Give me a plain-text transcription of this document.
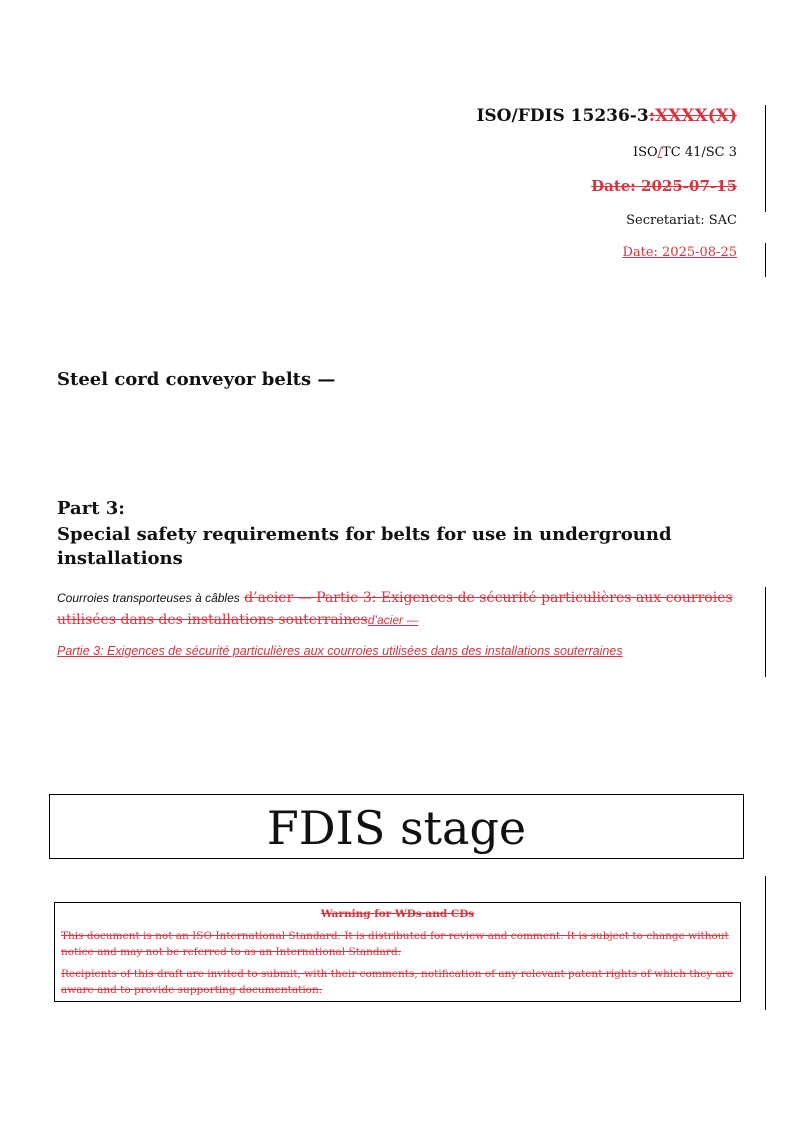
ISO/FDIS 15236-3:XXXX(X)
ISO/TC 41/SC 3
Date: 2025-07-15
Secretariat: SAC
Date: 2025-08-25
Steel cord conveyor belts —
Part 3:
Special safety requirements for belts for use in underground installations
Courroies transporteuses à câbles d’acier — Partie 3: Exigences de sécurité particulières aux courroies utilisées dans des installations souterrainesd’acier —
Partie 3: Exigences de sécurité particulières aux courroies utilisées dans des installations souterraines
FDIS stage
Warning for WDs and CDs
This document is not an ISO International Standard. It is distributed for review and comment. It is subject to change without notice and may not be referred to as an International Standard.
Recipients of this draft are invited to submit, with their comments, notification of any relevant patent rights of which they are aware and to provide supporting documentation.
